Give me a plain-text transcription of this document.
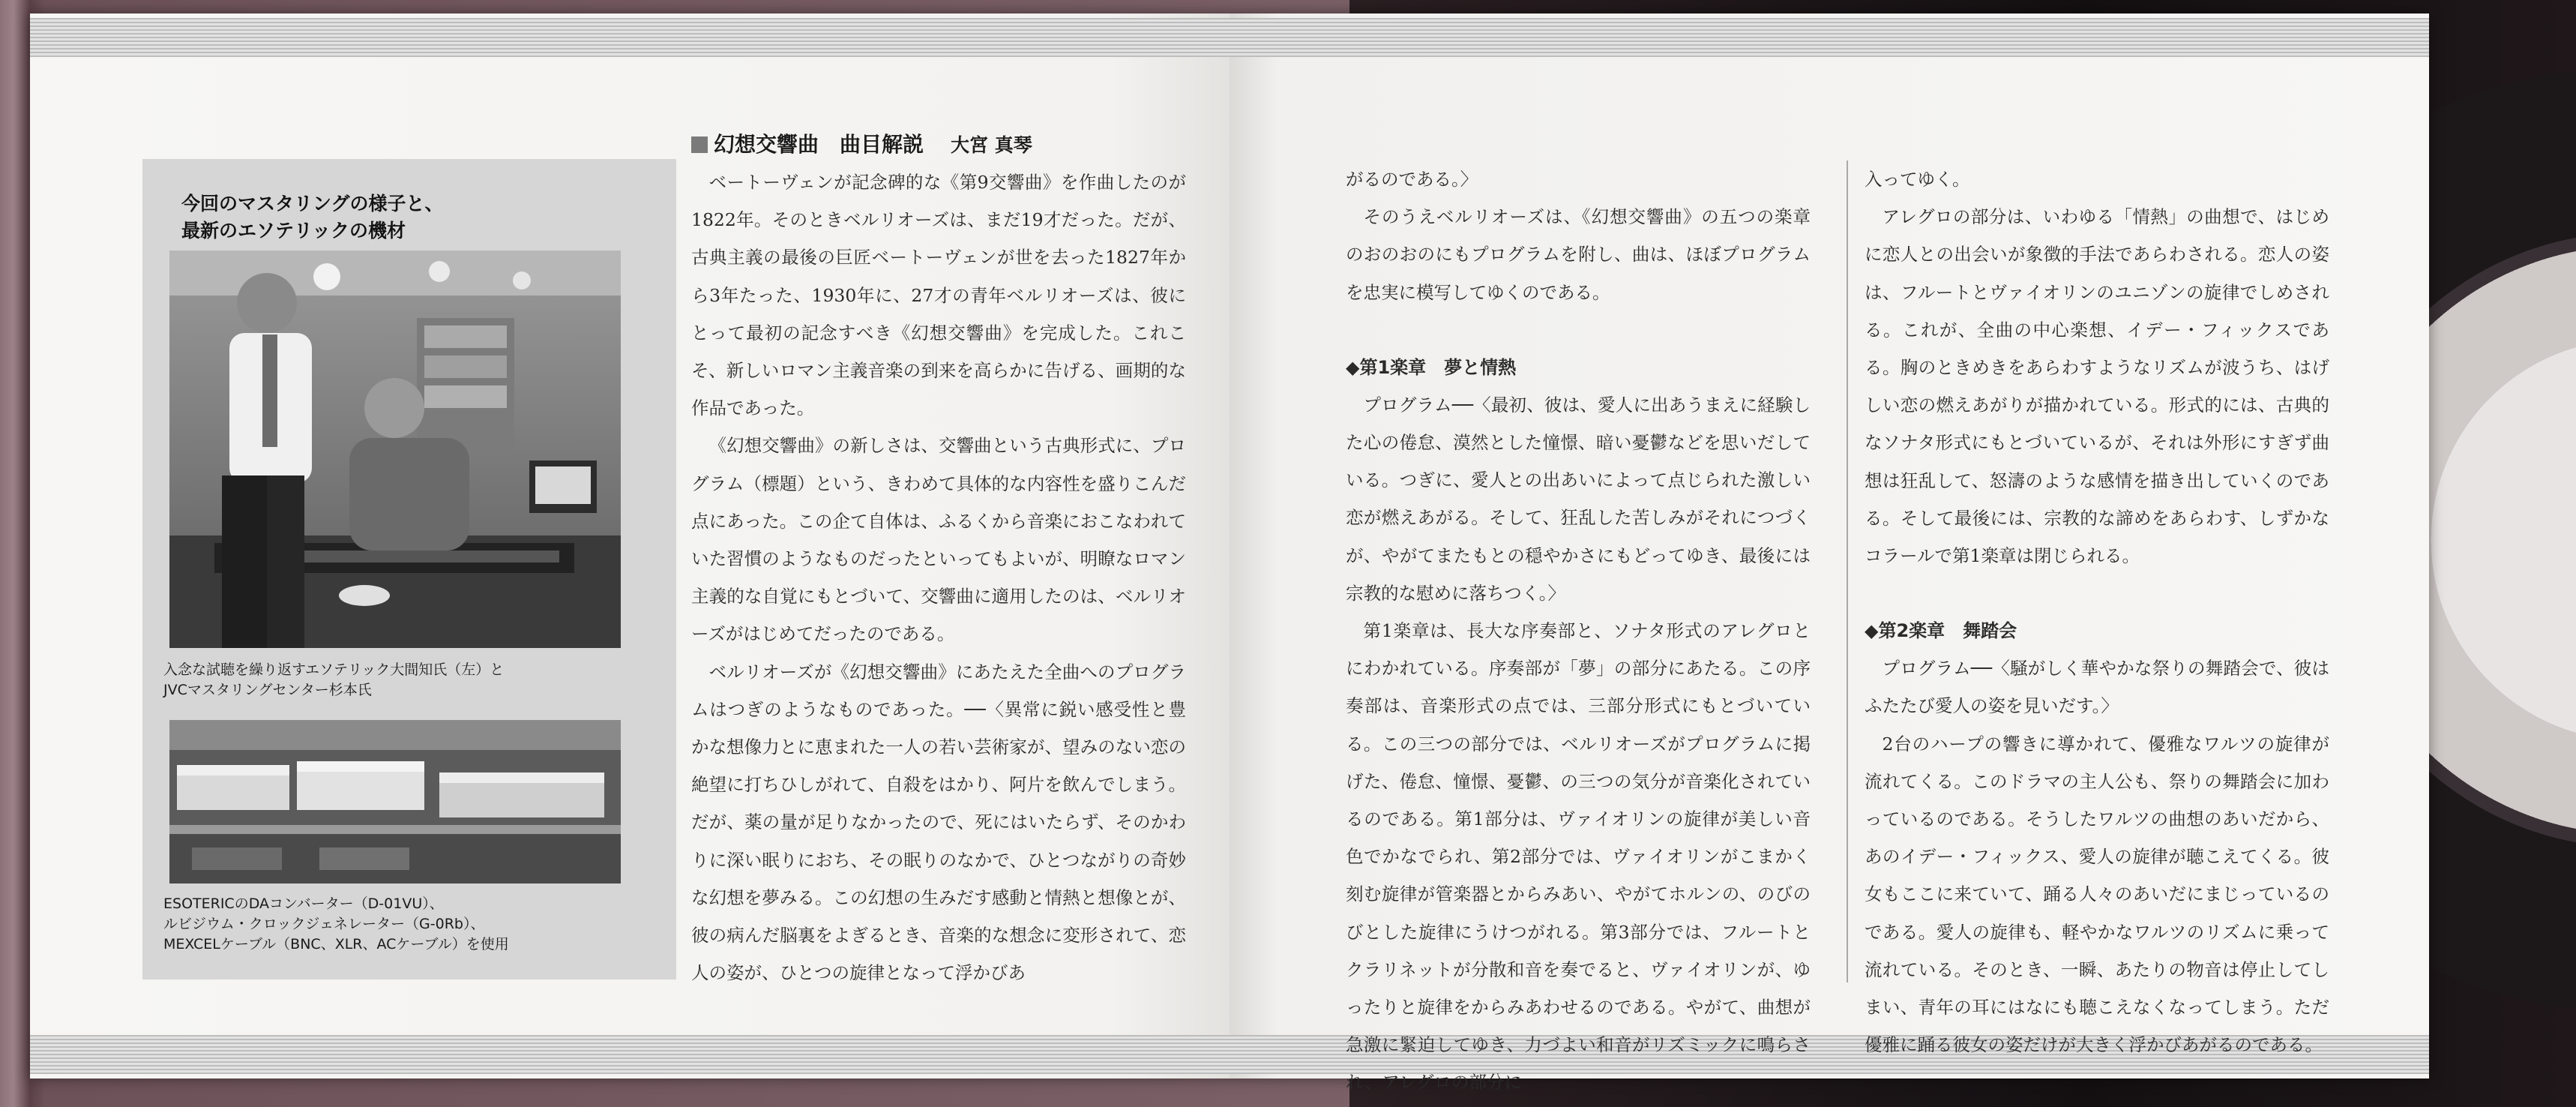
今回のマスタリングの様子と、
最新のエソテリックの機材
入念な試聴を繰り返すエソテリック大間知氏（左）と
JVCマスタリングセンター杉本氏
ESOTERICのDAコンバーター（D-01VU）、
ルビジウム・クロックジェネレーター（G-0Rb）、
MEXCELケーブル（BNC、XLR、ACケーブル）を使用
幻想交響曲　曲目解説 大宮 真琴

ベートーヴェンが記念碑的な《第9交響曲》を作曲したのが1822年。そのときベルリオーズは、まだ19才だった。だが、古典主義の最後の巨匠ベートーヴェンが世を去った1827年から3年たった、1930年に、27才の青年ベルリオーズは、彼にとって最初の記念すべき《幻想交響曲》を完成した。これこそ、新しいロマン主義音楽の到来を高らかに告げる、画期的な作品であった。

《幻想交響曲》の新しさは、交響曲という古典形式に、プログラム（標題）という、きわめて具体的な内容性を盛りこんだ点にあった。この企て自体は、ふるくから音楽におこなわれていた習慣のようなものだったといってもよいが、明瞭なロマン主義的な自覚にもとづいて、交響曲に適用したのは、ベルリオーズがはじめてだったのである。

ベルリオーズが《幻想交響曲》にあたえた全曲へのプログラムはつぎのようなものであった。──〈異常に鋭い感受性と豊かな想像力とに恵まれた一人の若い芸術家が、望みのない恋の絶望に打ちひしがれて、自殺をはかり、阿片を飲んでしまう。だが、薬の量が足りなかったので、死にはいたらず、そのかわりに深い眠りにおち、その眠りのなかで、ひとつながりの奇妙な幻想を夢みる。この幻想の生みだす感動と情熱と想像とが、彼の病んだ脳裏をよぎるとき、音楽的な想念に変形されて、恋人の姿が、ひとつの旋律となって浮かびあ

がるのである。〉

そのうえベルリオーズは、《幻想交響曲》の五つの楽章のおのおのにもプログラムを附し、曲は、ほぼプログラムを忠実に模写してゆくのである。

◆第1楽章　夢と情熱

プログラム──〈最初、彼は、愛人に出あうまえに経験した心の倦怠、漠然とした憧憬、暗い憂鬱などを思いだしている。つぎに、愛人との出あいによって点じられた激しい恋が燃えあがる。そして、狂乱した苦しみがそれにつづくが、やがてまたもとの穏やかさにもどってゆき、最後には宗教的な慰めに落ちつく。〉

第1楽章は、長大な序奏部と、ソナタ形式のアレグロとにわかれている。序奏部が「夢」の部分にあたる。この序奏部は、音楽形式の点では、三部分形式にもとづいている。この三つの部分では、ベルリオーズがプログラムに掲げた、倦怠、憧憬、憂鬱、の三つの気分が音楽化されているのである。第1部分は、ヴァイオリンの旋律が美しい音色でかなでられ、第2部分では、ヴァイオリンがこまかく刻む旋律が管楽器とからみあい、やがてホルンの、のびのびとした旋律にうけつがれる。第3部分では、フルートとクラリネットが分散和音を奏でると、ヴァイオリンが、ゆったりと旋律をからみあわせるのである。やがて、曲想が急激に緊迫してゆき、力づよい和音がリズミックに鳴らされ、アレグロの部分に

入ってゆく。

アレグロの部分は、いわゆる「情熱」の曲想で、はじめに恋人との出会いが象徴的手法であらわされる。恋人の姿は、フルートとヴァイオリンのユニゾンの旋律でしめされる。これが、全曲の中心楽想、イデー・フィックスである。胸のときめきをあらわすようなリズムが波うち、はげしい恋の燃えあがりが描かれている。形式的には、古典的なソナタ形式にもとづいているが、それは外形にすぎず曲想は狂乱して、怒濤のような感情を描き出していくのである。そして最後には、宗教的な諦めをあらわす、しずかなコラールで第1楽章は閉じられる。

◆第2楽章　舞踏会

プログラム──〈騒がしく華やかな祭りの舞踏会で、彼はふたたび愛人の姿を見いだす。〉

2台のハープの響きに導かれて、優雅なワルツの旋律が流れてくる。このドラマの主人公も、祭りの舞踏会に加わっているのである。そうしたワルツの曲想のあいだから、あのイデー・フィックス、愛人の旋律が聴こえてくる。彼女もここに来ていて、踊る人々のあいだにまじっているのである。愛人の旋律も、軽やかなワルツのリズムに乗って流れている。そのとき、一瞬、あたりの物音は停止してしまい、青年の耳にはなにも聴こえなくなってしまう。ただ優雅に踊る彼女の姿だけが大きく浮かびあがるのである。
